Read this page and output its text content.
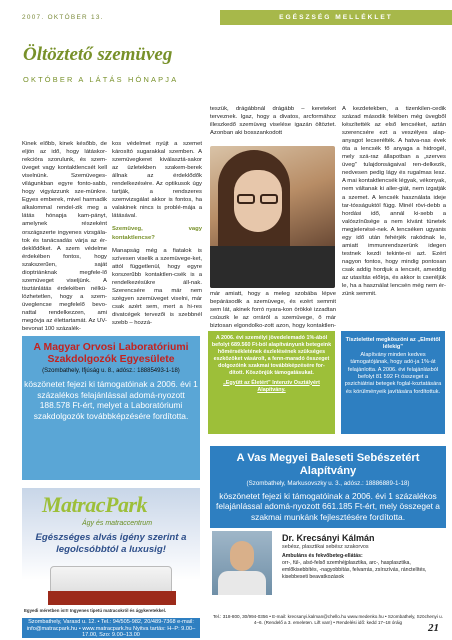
2007. OKTÓBER 13.	EGÉSZSÉG MELLÉKLET
Öltöztető szemüveg
OKTÓBER A LÁTÁS HÓNAPJA

Kinek előbb, kinek később, de eljön az idő, hogy látáskor-rekcióra szorulunk, és szem-üveget vagy kontaktlencsét kell viselnünk. Szemüveges-világunkban egyre fonto-sabb, hogy vigyázzunk sze-münkre. Egyes emberek, mivel harmadik alkalommal rendel-zik meg a látás hónapja kam-pányt, amelynek részeként országszerte ingyenes vizsgála-tok és tanácsadás várja az ér-deklődőket. A szem védelme érdekében fontos, hogy szakszerűen, saját dioptriánknak megfele-lő szemüveget viseljünk. A tisztánlátás érdekében nélkü-lözhetetlen, hogy a szem-üveglencse megfelelő bevo-nattal rendelkezzen, ami megóvja az élettartamát. Az UV-bevonat 100 százalék-

kos védelmet nyújt a szemet károsító sugarakkal szemben. A szemüvegkeret kiválasztá-sakor az üzletekben szakem-berek állnak az érdeklődők rendelkezésére. Az optikusok úgy tartják, a rendszeres szemvizsgálat akkor is fontos, ha valakinek nincs is problé-mája a látásával.

Szemüveg, vagy kontaktlencse?

Manapság még a fiatalok is szívesen viselik a szemüvege-ket, attól függetlenül, hogy egyre korszerűbb kontaktlen-csék is a rendelkezésükre áll-nak. Szerencsére ma már nem szégyen szemüveget viselni, már csak azért sem, mert a hi-res divatcégek tervezői is szebbnél szebb – hozzá-

teszük, drágábbnál drágább – kereteket terveznek. Igaz, hogy a divatos, arcformához illeszkedő szemüveg viselése igazán öltöztet. Azonban aki bosszankodott

már amiatt, hogy a meleg szobába lépve bepárásodik a szemüvege, és ezért semmit sem lát, akinek forró nyara-kon örökké izzadtan csúszik le az orráról a szemüvege, õ már biztosan elgondolko-zott azon, hogy kontaktlen-

A kezdetekben, a tizenkilen-cedik század második felében még üvegből készítették az első lencséket, aztán szerencsére ezt a veszélyes alap-anyagot lecserélték. A hatva-nas évek óta a lencsék fő anyaga a hidrogél, mely szá-raz állapotban a „szerves üveg” tulajdonságaival ren-delkezik, nedvesen pedig lágy és rugalmas lesz. A mai kontaktlencsék légyak, vékonyak, nem váltanak ki aller-giát, nem izgatják a szemet. A lencsék használata ideje tar-tósságuktól függ. Minél rövi-debb a hordási idő, annál ki-sebb a valószínűsége a nem kívánt tünetek megjelenésé-nek. A lencséken ugyanis egy idő után fehérjék rakódnak le, amiatt immunrendszerünk idegen testnek kezdi tekinte-ni azt. Ezért nagyon fontos, hogy mindig pontosan csak addig hordjuk a lencsét, ameddig az utasítás előírja, és akkor is cseréljük le, ha a használat lencsén még nem ér-zünk semmit.

A Magyar Orvosi Laboratóriumi Szakdolgozók Egyesülete
(Szombathely, Ifjúság u. 8., adósz.: 18885493-1-18)
köszönetet fejezi ki támogatóinak a 2006. évi 1 százalékos felajánlással adomá-nyozott 188.578 Ft-ért, melyet a Laboratóriumi szakdolgozók továbbképzésére fordította.
A 2006. évi személyi jövedelemadó 1%-ából befolyt 689.560 Ft-ból alapítványunk betegeink hőmérsékletének észlelésének szükséges eszközöket vásárolt, a fenn-maradó összeget dolgozóink szakmai továbbképzésére for-dított. Köszönjük támogatásukat.
„Együtt az Életért” Intenzív Osztályért Alapítvány.
Tisztelettel megköszöni az „Elmétől lélekig”
Alapítvány minden kedves támogatójának, hogy adó-ja 1%-át felajánlotta. A 2006. évi felajánlásból befolyt 81 592 Ft összeget a pszichiátriai betegek foglal-koztatására és körülményeik javítására fordítottuk.
A Vas Megyei Baleseti Sebészetért Alapítvány
(Szombathely, Markusovszky u. 3., adósz.: 18886889-1-18)
köszönetet fejezi ki támogatóinak a 2006. évi 1 százalékos felajánlással adomá-nyozott 661.185 Ft-ért, mely összeget a szakmai munkánk fejlesztésére fordította.
MatracPark
Ágy és matraccentrum
Egészséges alvás igény szerint a legolcsóbbtól a luxusig!
Egyedi méretben is!!! Ingyenes tipetú matracokról és ágykeretekkel.
Szombathely, Varasd u. 12. • Tel.: 94/505-982, 20/489-7368 e-mail: info@matracpark.hu • www.matracpark.hu Nyitva tartás: H–P: 9.00–17.00, Szo: 9.00–13.00
Dr. Krecsányi Kálmán
sebész, plasztikai sebész szakorvos
Ambuláns és fekvőbeteg-ellátás:
orr-, fül-, alsó-felső szemhéjplasztika, arc-, hasplasztika, emlőkisebbítés, -nagyobbítás, felvarrás, zsírszívás, ránctelítés, kisebbeseti beavatkozások
Tel.: 318-800, 30/994-0356 • E-mail: krecsanyi.kalman@chello.hu www.medenko.hu • Szombathely, Szöchenyi u. 4–6. (Rendelő a 3. emeleten. Lift van!) • Rendelési idő: kedd 17–18 óráig	21
